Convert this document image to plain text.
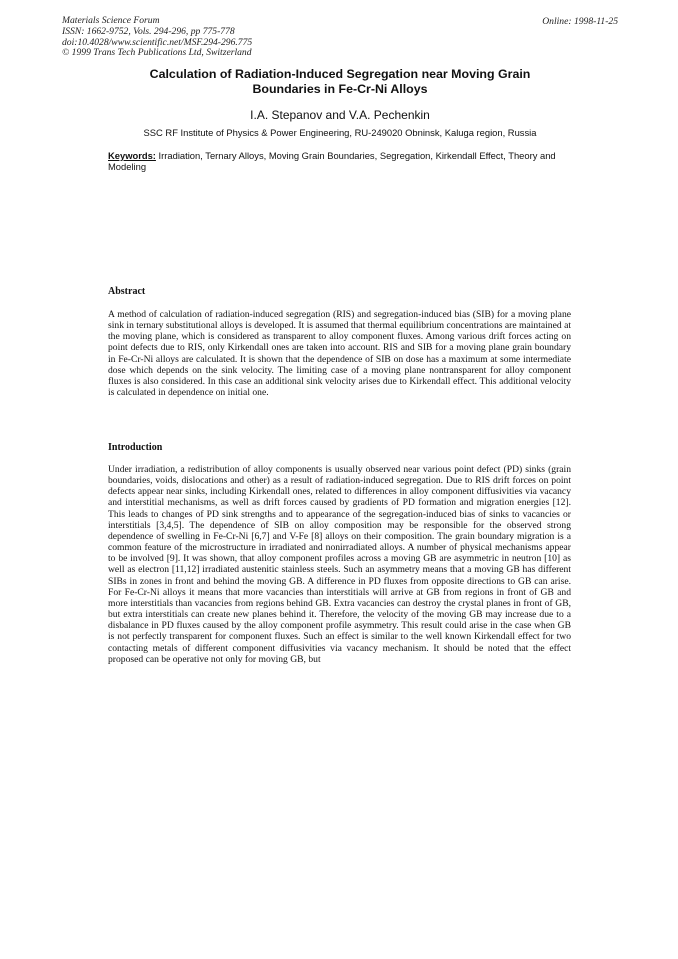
Materials Science Forum
ISSN: 1662-9752, Vols. 294-296, pp 775-778
doi:10.4028/www.scientific.net/MSF.294-296.775
© 1999 Trans Tech Publications Ltd, Switzerland
Online: 1998-11-25
Calculation of Radiation-Induced Segregation near Moving Grain
Boundaries in Fe-Cr-Ni Alloys
I.A. Stepanov and V.A. Pechenkin
SSC RF Institute of Physics & Power Engineering, RU-249020 Obninsk, Kaluga region, Russia
Keywords: Irradiation, Ternary Alloys, Moving Grain Boundaries, Segregation, Kirkendall Effect, Theory and Modeling
Abstract
A method of calculation of radiation-induced segregation (RIS) and segregation-induced bias (SIB) for a moving plane sink in ternary substitutional alloys is developed. It is assumed that thermal equilibrium concentrations are maintained at the moving plane, which is considered as transparent to alloy component fluxes. Among various drift forces acting on point defects due to RIS, only Kirkendall ones are taken into account. RIS and SIB for a moving plane grain boundary in Fe-Cr-Ni alloys are calculated. It is shown that the dependence of SIB on dose has a maximum at some intermediate dose which depends on the sink velocity. The limiting case of a moving plane nontransparent for alloy component fluxes is also considered. In this case an additional sink velocity arises due to Kirkendall effect. This additional velocity is calculated in dependence on initial one.
Introduction
Under irradiation, a redistribution of alloy components is usually observed near various point defect (PD) sinks (grain boundaries, voids, dislocations and other) as a result of radiation-induced segregation. Due to RIS drift forces on point defects appear near sinks, including Kirkendall ones, related to differences in alloy component diffusivities via vacancy and interstitial mechanisms, as well as drift forces caused by gradients of PD formation and migration energies [12]. This leads to changes of PD sink strengths and to appearance of the segregation-induced bias of sinks to vacancies or interstitials [3,4,5]. The dependence of SIB on alloy composition may be responsible for the observed strong dependence of swelling in Fe-Cr-Ni [6,7] and V-Fe [8] alloys on their composition. The grain boundary migration is a common feature of the microstructure in irradiated and nonirradiated alloys. A number of physical mechanisms appear to be involved [9]. It was shown, that alloy component profiles across a moving GB are asymmetric in neutron [10] as well as electron [11,12] irradiated austenitic stainless steels. Such an asymmetry means that a moving GB has different SIBs in zones in front and behind the moving GB. A difference in PD fluxes from opposite directions to GB can arise. For Fe-Cr-Ni alloys it means that more vacancies than interstitials will arrive at GB from regions in front of GB and more interstitials than vacancies from regions behind GB. Extra vacancies can destroy the crystal planes in front of GB, but extra interstitials can create new planes behind it. Therefore, the velocity of the moving GB may increase due to a disbalance in PD fluxes caused by the alloy component profile asymmetry. This result could arise in the case when GB is not perfectly transparent for component fluxes. Such an effect is similar to the well known Kirkendall effect for two contacting metals of different component diffusivities via vacancy mechanism. It should be noted that the effect proposed can be operative not only for moving GB, but
